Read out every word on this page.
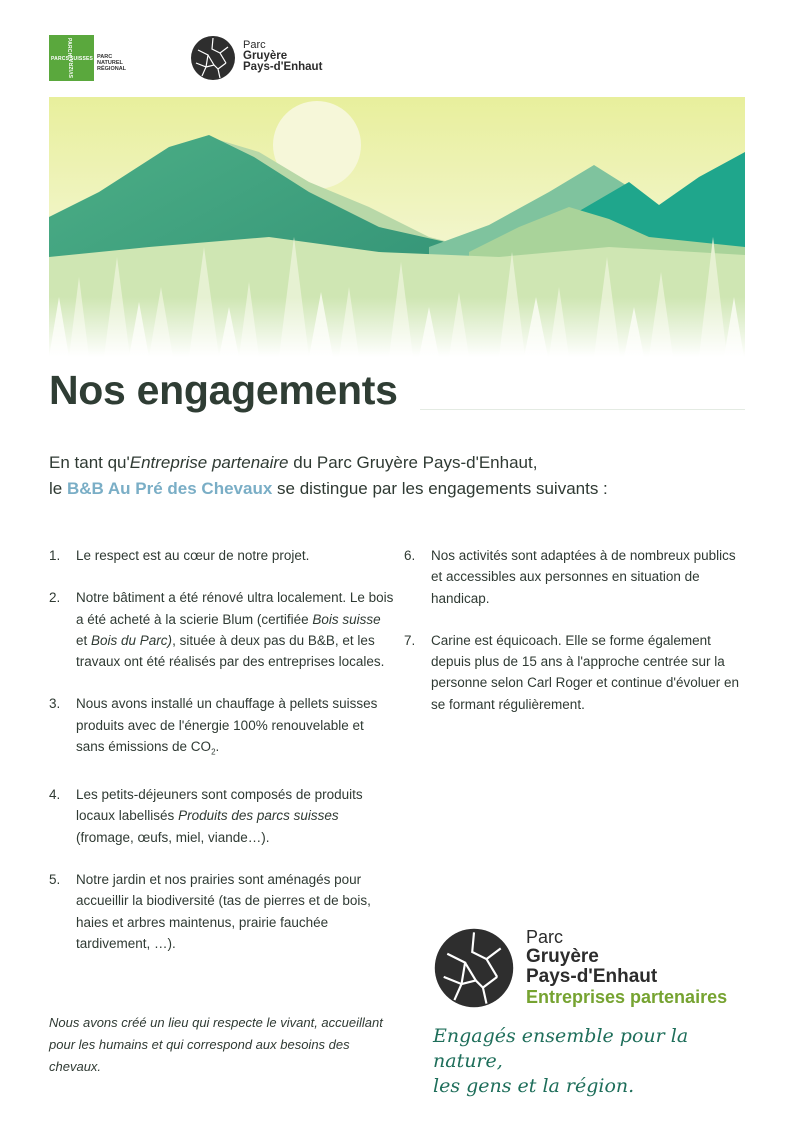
PARCS SUISSES
PARCHI
SVIZRA
PARC NATUREL
RÉGIONAL
Parc
Gruyère
Pays-d'Enhaut
Nos engagements
En tant qu'Entreprise partenaire du Parc Gruyère Pays-d'Enhaut,
le B&B Au Pré des Chevaux se distingue par les engagements suivants :
1. Le respect est au cœur de notre projet.
2. Notre bâtiment a été rénové ultra localement. Le bois a été acheté à la scierie Blum (certifiée Bois suisse et Bois du Parc), située à deux pas du B&B, et les travaux ont été réalisés par des entreprises locales.
3. Nous avons installé un chauffage à pellets suisses produits avec de l'énergie 100% renouvelable et sans émissions de $CO_2$.
4. Les petits-déjeuners sont composés de produits locaux labellisés Produits des parcs suisses (fromage, œufs, miel, viande…).
5. Notre jardin et nos prairies sont aménagés pour accueillir la biodiversité (tas de pierres et de bois, haies et arbres maintenus, prairie fauchée tardivement, …).
6. Nos activités sont adaptées à de nombreux publics et accessibles aux personnes en situation de handicap.
7. Carine est équicoach. Elle se forme également depuis plus de 15 ans à l'approche centrée sur la personne selon Carl Roger et continue d'évoluer en se formant régulièrement.
Nous avons créé un lieu qui respecte le vivant, accueillant pour les humains et qui correspond aux besoins des chevaux.
Parc
Gruyère
Pays-d'Enhaut
Entreprises partenaires
Engagés ensemble pour la nature,
les gens et la région.
